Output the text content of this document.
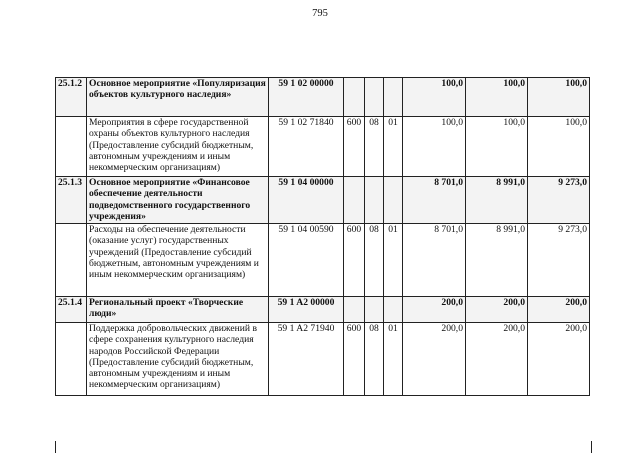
795
25.1.2	Основное мероприятие «Популяризация объектов культурного наследия»	59 1 02 00000				100,0	100,0	100,0
	Мероприятия в сфере государственной охраны объектов культурного наследия (Предоставление субсидий бюджетным, автономным учреждениям и иным некоммерческим организациям)	59 1 02 71840	600	08	01	100,0	100,0	100,0
25.1.3	Основное мероприятие «Финансовое обеспечение деятельности подведомственного государственного учреждения»	59 1 04 00000				8 701,0	8 991,0	9 273,0
	Расходы на обеспечение деятельности (оказание услуг) государственных учреждений (Предоставление субсидий бюджетным, автономным учреждениям и иным некоммерческим организациям)	59 1 04 00590	600	08	01	8 701,0	8 991,0	9 273,0
25.1.4	Региональный проект «Творческие люди»	59 1 A2 00000				200,0	200,0	200,0
	Поддержка добровольческих движений в сфере сохранения культурного наследия народов Российской Федерации (Предоставление субсидий бюджетным, автономным учреждениям и иным некоммерческим организациям)	59 1 A2 71940	600	08	01	200,0	200,0	200,0
